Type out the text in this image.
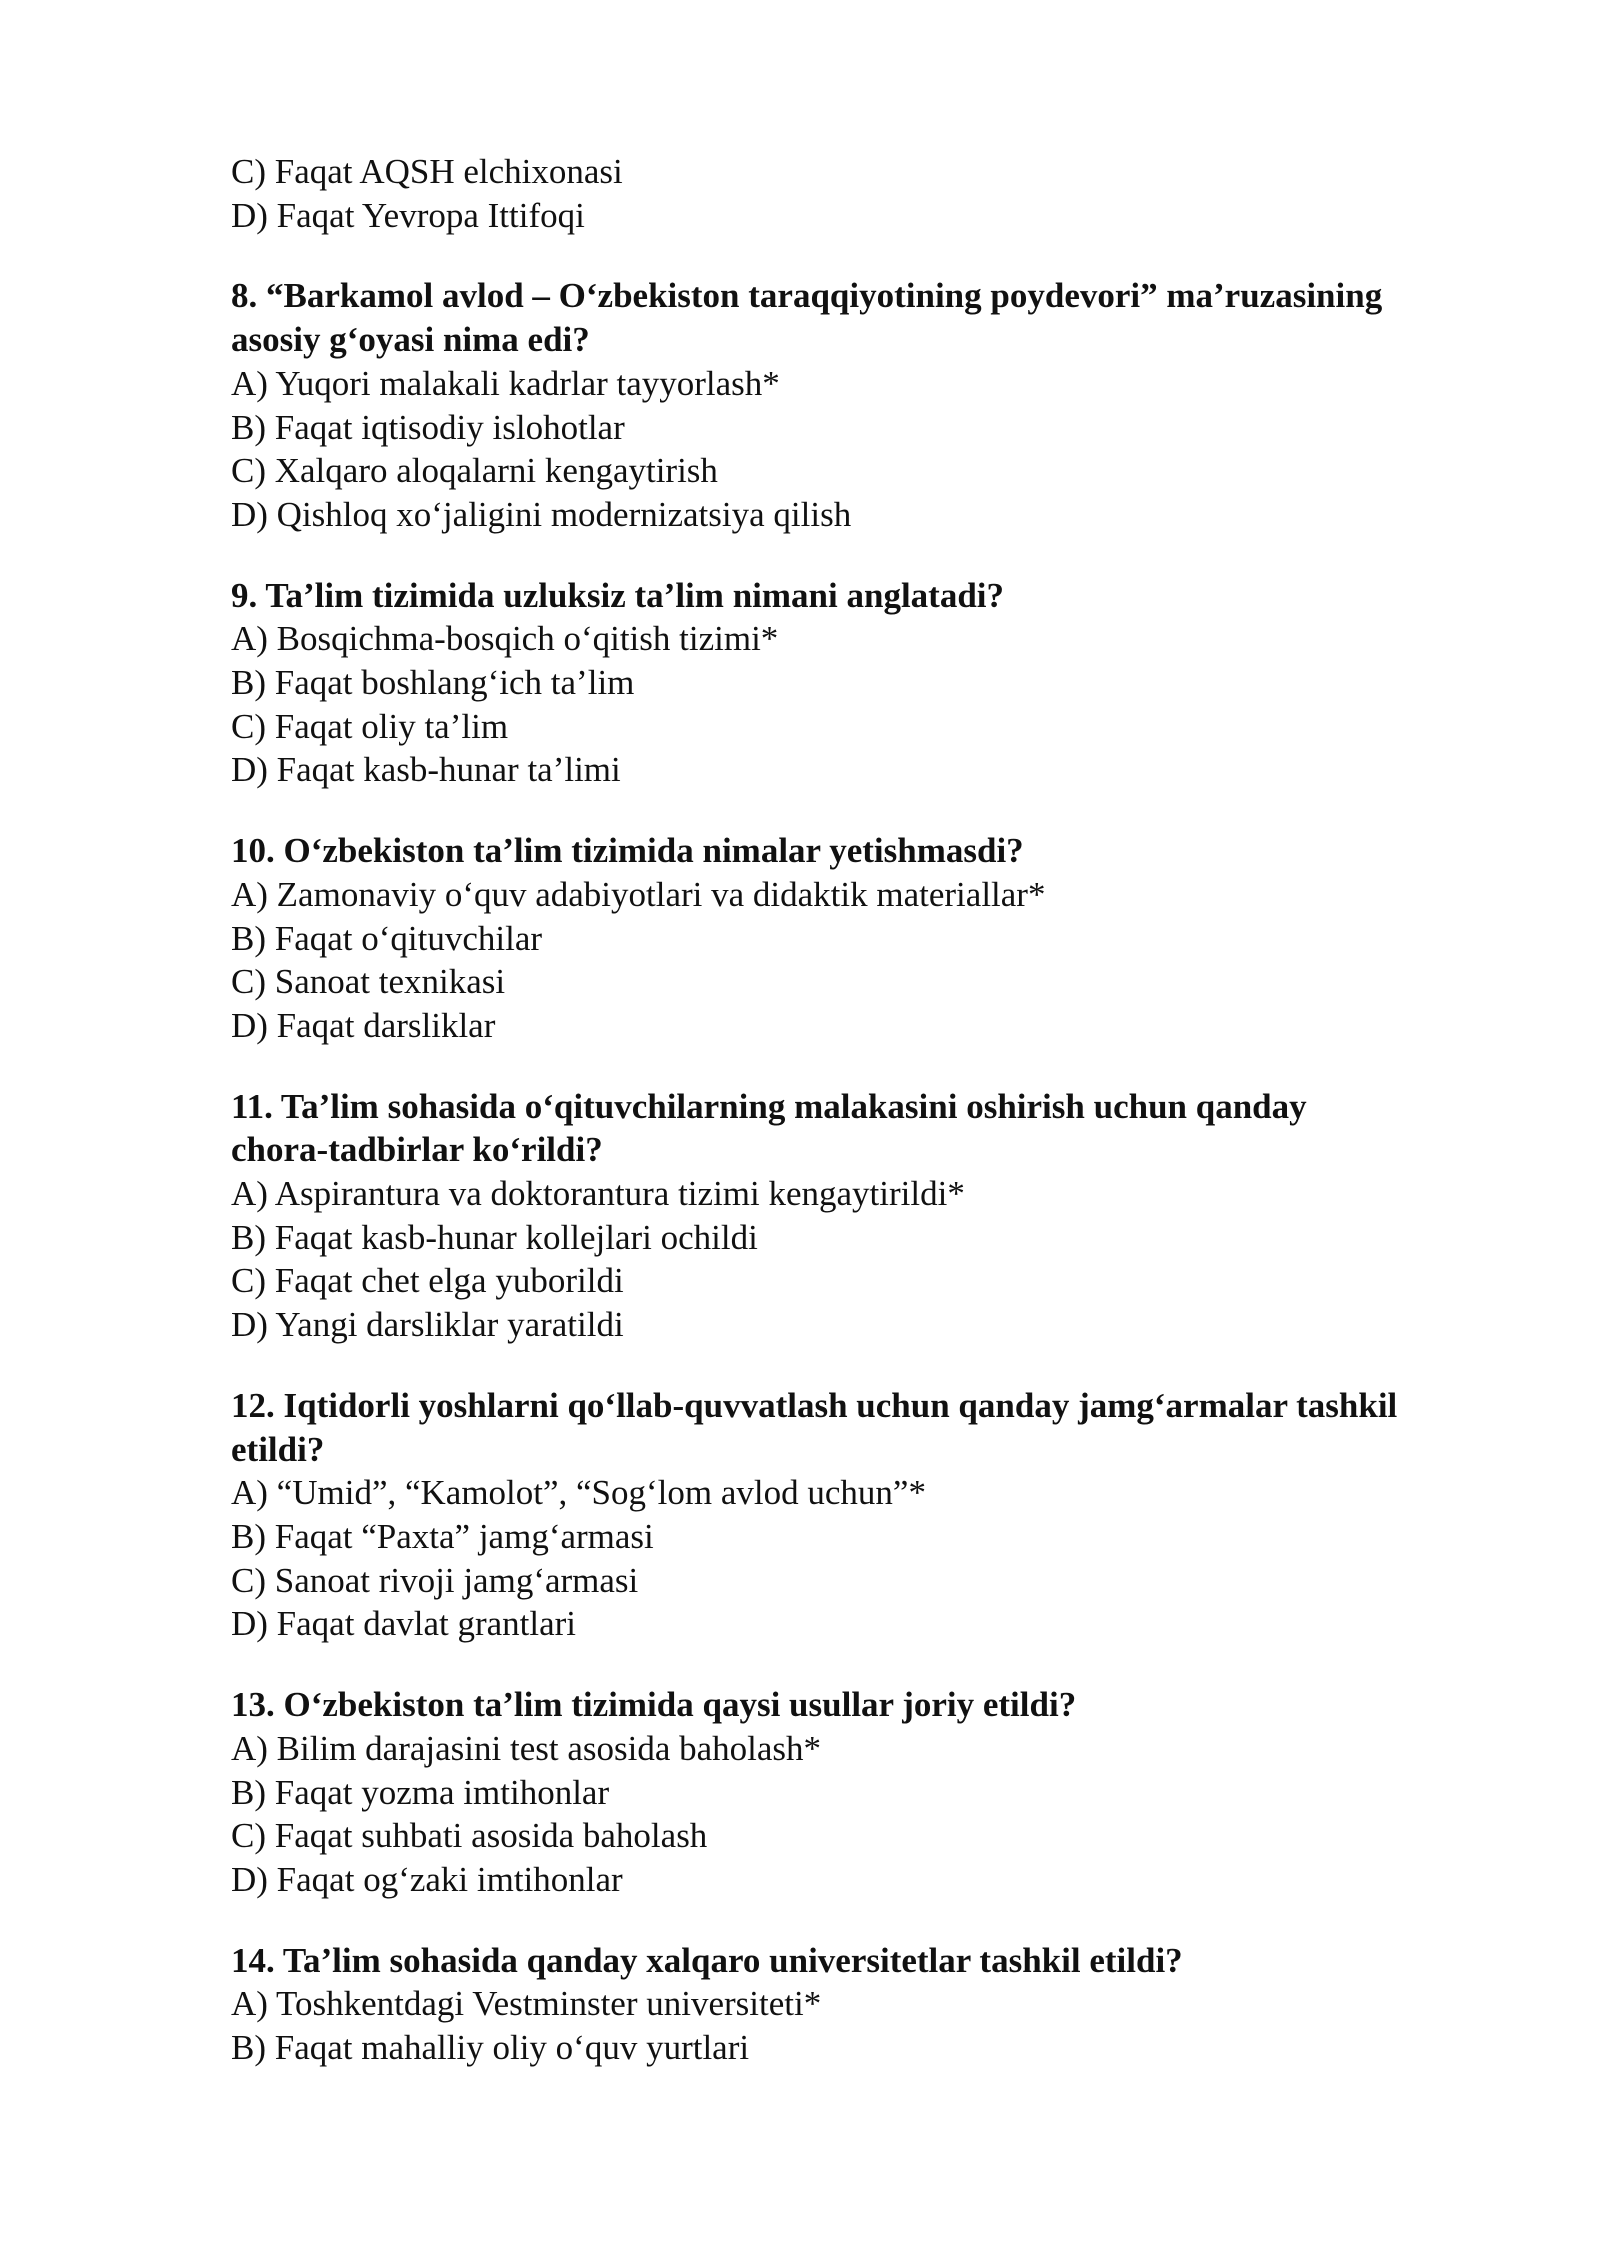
C) Faqat AQSH elchixonasi
D) Faqat Yevropa Ittifoqi
8. “Barkamol avlod – O‘zbekiston taraqqiyotining poydevori” ma’ruzasining
asosiy g‘oyasi nima edi?
A) Yuqori malakali kadrlar tayyorlash*
B) Faqat iqtisodiy islohotlar
C) Xalqaro aloqalarni kengaytirish
D) Qishloq xo‘jaligini modernizatsiya qilish
9. Ta’lim tizimida uzluksiz ta’lim nimani anglatadi?
A) Bosqichma-bosqich o‘qitish tizimi*
B) Faqat boshlang‘ich ta’lim
C) Faqat oliy ta’lim
D) Faqat kasb-hunar ta’limi
10. O‘zbekiston ta’lim tizimida nimalar yetishmasdi?
A) Zamonaviy o‘quv adabiyotlari va didaktik materiallar*
B) Faqat o‘qituvchilar
C) Sanoat texnikasi
D) Faqat darsliklar
11. Ta’lim sohasida o‘qituvchilarning malakasini oshirish uchun qanday
chora-tadbirlar ko‘rildi?
A) Aspirantura va doktorantura tizimi kengaytirildi*
B) Faqat kasb-hunar kollejlari ochildi
C) Faqat chet elga yuborildi
D) Yangi darsliklar yaratildi
12. Iqtidorli yoshlarni qo‘llab-quvvatlash uchun qanday jamg‘armalar tashkil
etildi?
A) “Umid”, “Kamolot”, “Sog‘lom avlod uchun”*
B) Faqat “Paxta” jamg‘armasi
C) Sanoat rivoji jamg‘armasi
D) Faqat davlat grantlari
13. O‘zbekiston ta’lim tizimida qaysi usullar joriy etildi?
A) Bilim darajasini test asosida baholash*
B) Faqat yozma imtihonlar
C) Faqat suhbati asosida baholash
D) Faqat og‘zaki imtihonlar
14. Ta’lim sohasida qanday xalqaro universitetlar tashkil etildi?
A) Toshkentdagi Vestminster universiteti*
B) Faqat mahalliy oliy o‘quv yurtlari
